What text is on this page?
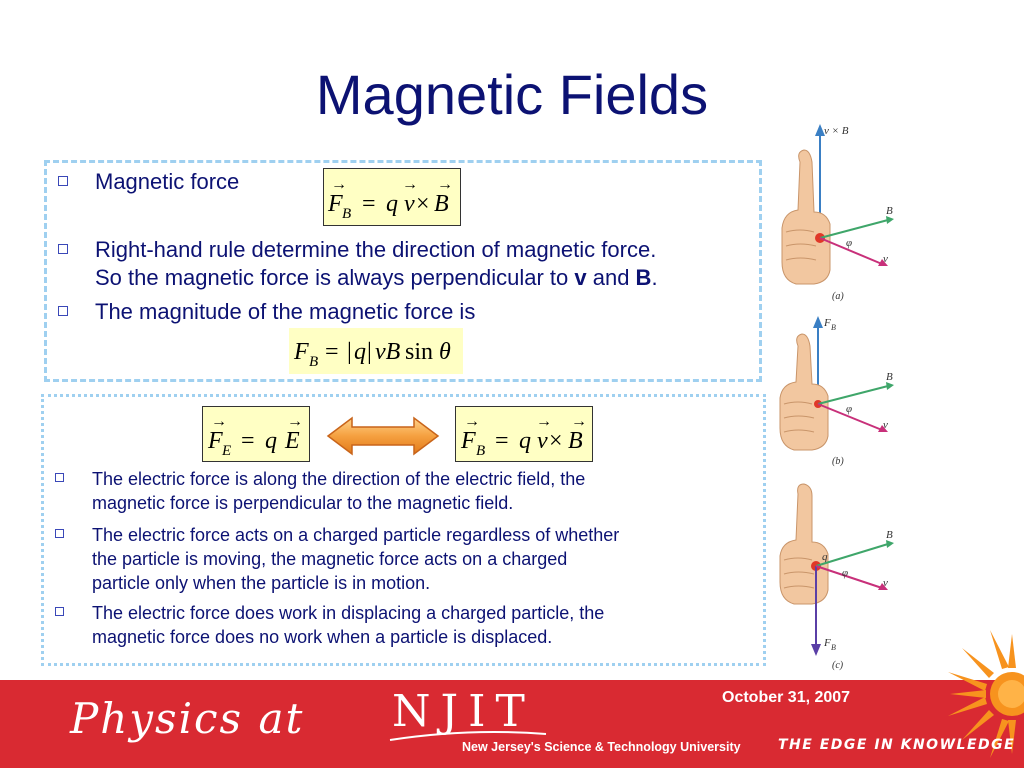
Magnetic Fields
Magnetic force	→
F B = q
→
v ×
→
B
Right-hand rule determine the direction of magnetic force.
So the magnetic force is always perpendicular to v and B.
The magnitude of the magnetic force is
F B = | q | vB sin θ
→
F E = q
→
E
→
F B = q
→
v ×
→
B
The electric force is along the direction of the electric field, the
magnetic force is perpendicular to the magnetic field.
The electric force acts on a charged particle regardless of whether
the particle is moving, the magnetic force acts on a charged
particle only when the particle is in motion.
The electric force does work in displacing a charged particle, the
magnetic force does no work when a particle is displaced.
v × B
B
v
φ
(a)
F B
B
v
φ
(b)
q
F B
B
v
φ
(c)
Physics at NJIT
New Jersey's Science & Technology University
October 31, 2007
THE EDGE IN KNOWLEDGE
